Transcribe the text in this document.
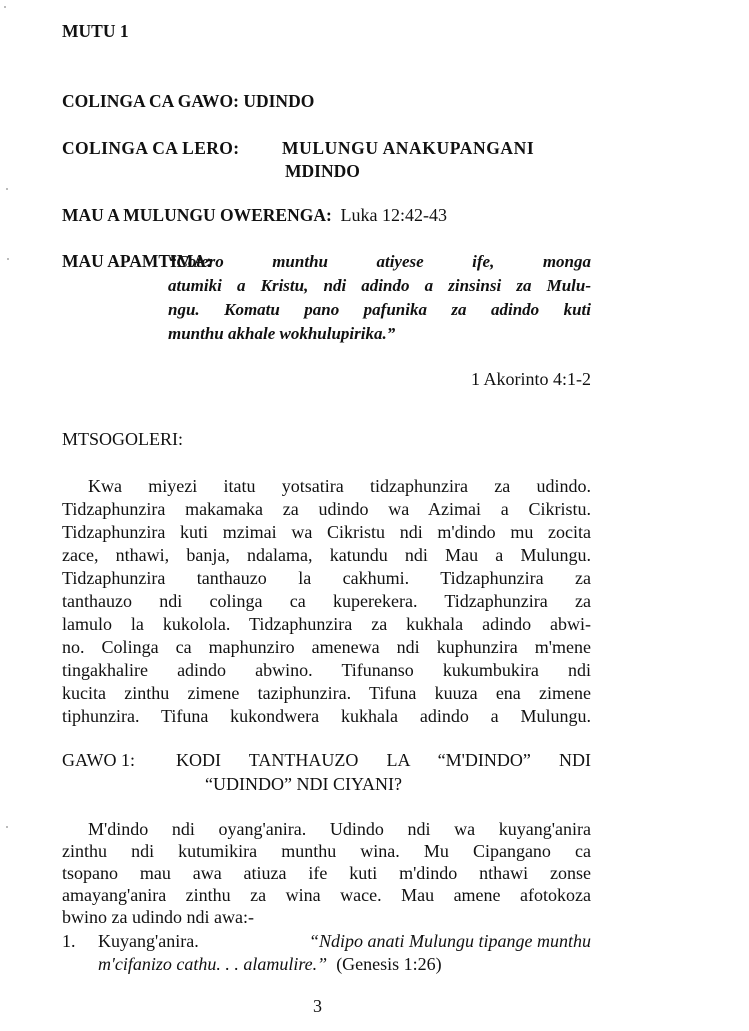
MUTU 1
COLINGA CA GAWO: UDINDO
COLINGA CA LERO: MULUNGU ANAKUPANGANI
MDINDO
MAU A MULUNGU OWERENGA: Luka 12:42-43
MAU APAMTIMA:
“Cotero munthu atiyese ife, monga
atumiki a Kristu, ndi adindo a zinsinsi za Mulu-
ngu. Komatu pano pafunika za adindo kuti
munthu akhale wokhulupirika.”
1 Akorinto 4:1-2
MTSOGOLERI:
Kwa miyezi itatu yotsatira tidzaphunzira za udindo.
Tidzaphunzira makamaka za udindo wa Azimai a Cikristu.
Tidzaphunzira kuti mzimai wa Cikristu ndi m'dindo mu zocita
zace, nthawi, banja, ndalama, katundu ndi Mau a Mulungu.
Tidzaphunzira tanthauzo la cakhumi. Tidzaphunzira za
tanthauzo ndi colinga ca kuperekera. Tidzaphunzira za
lamulo la kukolola. Tidzaphunzira za kukhala adindo abwi-
no. Colinga ca maphunziro amenewa ndi kuphunzira m'mene
tingakhalire adindo abwino. Tifunanso kukumbukira ndi
kucita zinthu zimene taziphunzira. Tifuna kuuza ena zimene
tiphunzira. Tifuna kukondwera kukhala adindo a Mulungu.
GAWO 1: KODI TANTHAUZO LA “M'DINDO” NDI
“UDINDO” NDI CIYANI?
M'dindo ndi oyang'anira. Udindo ndi wa kuyang'anira
zinthu ndi kutumikira munthu wina. Mu Cipangano ca
tsopano mau awa atiuza ife kuti m'dindo nthawi zonse
amayang'anira zinthu za wina wace. Mau amene afotokoza
bwino za udindo ndi awa:-
1. Kuyang'anira.	“Ndipo anati Mulungu tipange munthu
m'cifanizo cathu. . . alamulire.” (Genesis 1:26)
3
